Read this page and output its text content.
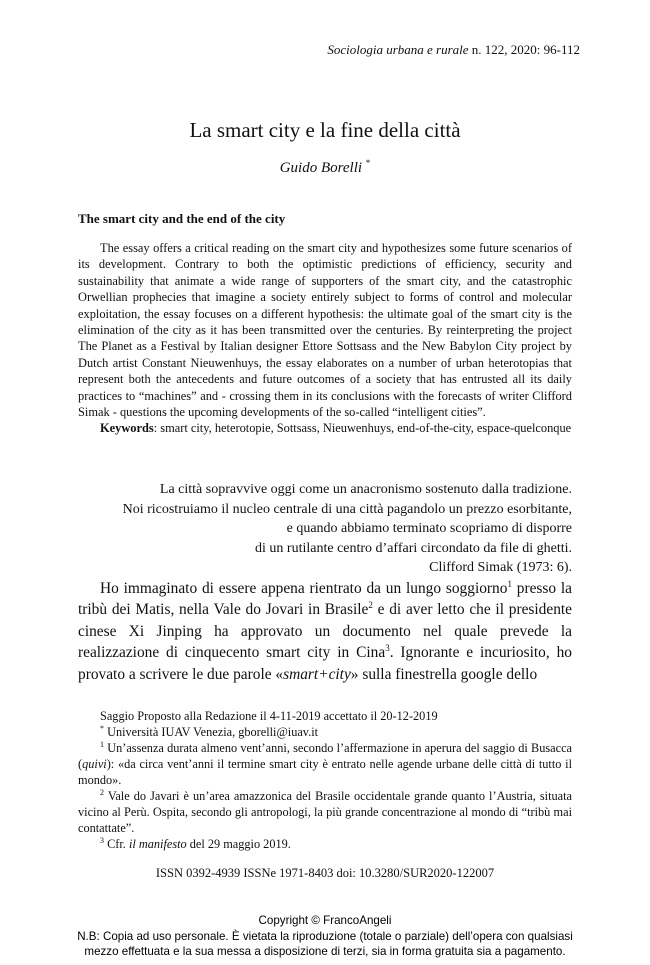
Sociologia urbana e rurale n. 122, 2020: 96-112
La smart city e la fine della città
Guido Borelli *
The smart city and the end of the city

The essay offers a critical reading on the smart city and hypothesizes some future scenarios of its development. Contrary to both the optimistic predictions of efficiency, security and sustainability that animate a wide range of supporters of the smart city, and the catastrophic Orwellian prophecies that imagine a society entirely subject to forms of control and molecular exploitation, the essay focuses on a different hypothesis: the ultimate goal of the smart city is the elimination of the city as it has been transmitted over the centuries. By reinterpreting the project The Planet as a Festival by Italian designer Ettore Sottsass and the New Babylon City project by Dutch artist Constant Nieuwenhuys, the essay elaborates on a number of urban heterotopias that represent both the antecedents and future outcomes of a society that has entrusted all its daily practices to “machines” and - crossing them in its conclusions with the forecasts of writer Clifford Simak - questions the upcoming developments of the so-called “intelligent cities”.

Keywords: smart city, heterotopie, Sottsass, Nieuwenhuys, end-of-the-city, espace-quelconque

La città sopravvive oggi come un anacronismo sostenuto dalla tradizione.
Noi ricostruiamo il nucleo centrale di una città pagandolo un prezzo esorbitante,
e quando abbiamo terminato scopriamo di disporre
di un rutilante centro d’affari circondato da file di ghetti.
Clifford Simak (1973: 6).

Ho immaginato di essere appena rientrato da un lungo soggiorno$^1$ presso la tribù dei Matis, nella Vale do Jovari in Brasile$^2$ e di aver letto che il presidente cinese Xi Jinping ha approvato un documento nel quale prevede la realizzazione di cinquecento smart city in Cina$^3$. Ignorante e incuriosito, ho provato a scrivere le due parole «smart+city» sulla finestrella google dello

Saggio Proposto alla Redazione il 4-11-2019 accettato il 20-12-2019

* Università IUAV Venezia, gborelli@iuav.it

$^1$ Un’assenza durata almeno vent’anni, secondo l’affermazione in aperura del saggio di Busacca (quivi): «da circa vent’anni il termine smart city è entrato nelle agende urbane delle città di tutto il mondo».

$^2$ Vale do Javari è un’area amazzonica del Brasile occidentale grande quanto l’Austria, situata vicino al Perù. Ospita, secondo gli antropologi, la più grande concentrazione al mondo di “tribù mai contattate”.

$^3$ Cfr. il manifesto del 29 maggio 2019.

ISSN 0392-4939 ISSNe 1971-8403 doi: 10.3280/SUR2020-122007
Copyright © FrancoAngeli
N.B: Copia ad uso personale. È vietata la riproduzione (totale o parziale) dell’opera con qualsiasi
mezzo effettuata e la sua messa a disposizione di terzi, sia in forma gratuita sia a pagamento.
